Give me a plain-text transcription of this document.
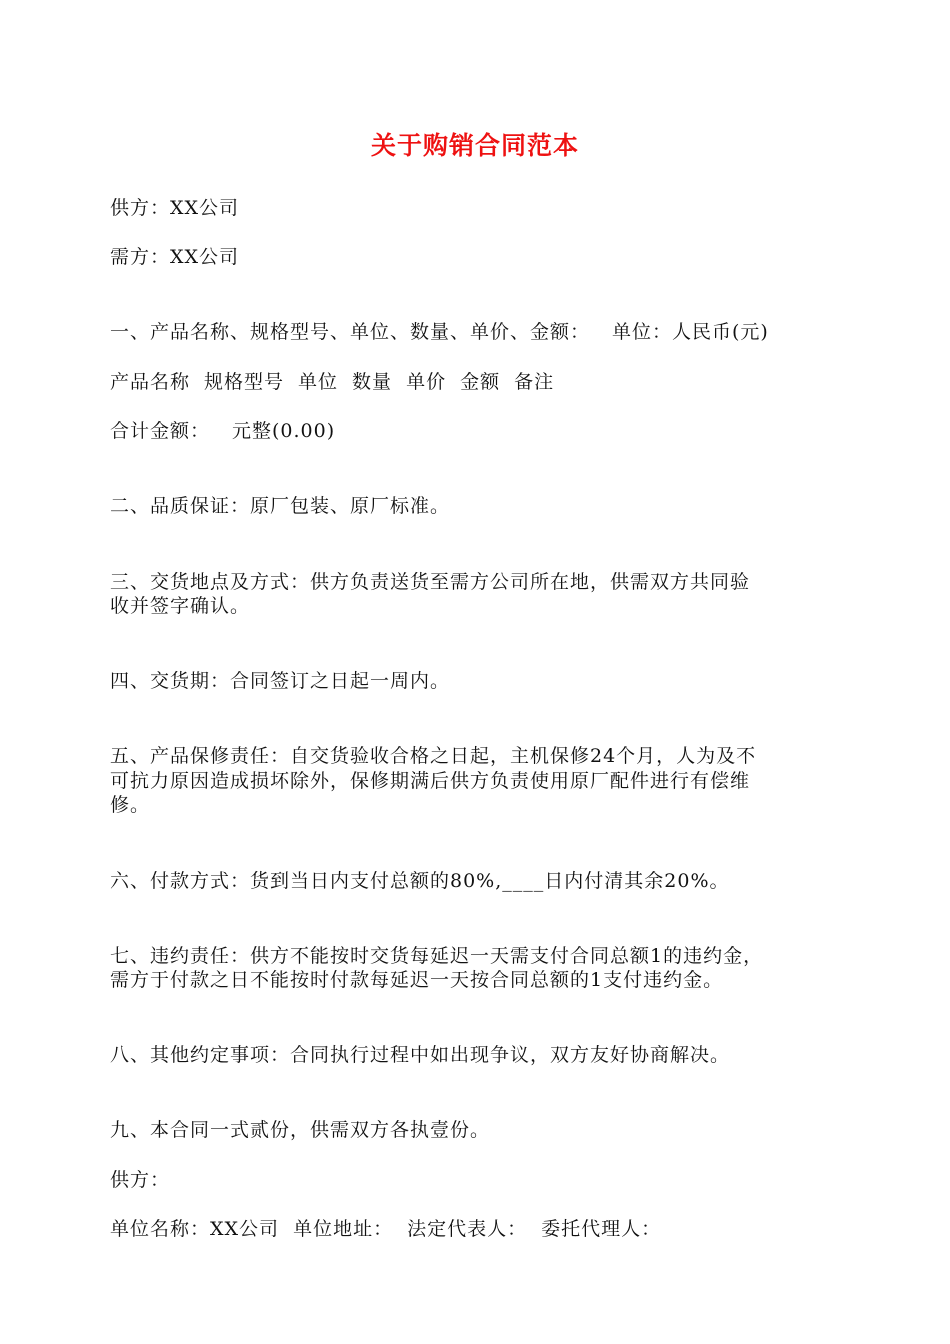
关于购销合同范本
供方：XX公司
需方：XX公司
一、产品名称、规格型号、单位、数量、单价、金额： 单位：人民币(元)
产品名称 规格型号 单位 数量 单价 金额 备注
合计金额： 元整(0.00)
二、品质保证：原厂包装、原厂标准。
三、交货地点及方式：供方负责送货至需方公司所在地，供需双方共同验
收并签字确认。
四、交货期：合同签订之日起一周内。
五、产品保修责任：自交货验收合格之日起，主机保修24个月，人为及不
可抗力原因造成损坏除外，保修期满后供方负责使用原厂配件进行有偿维
修。
六、付款方式：货到当日内支付总额的80%,____日内付清其余20%。
七、违约责任：供方不能按时交货每延迟一天需支付合同总额1的违约金，
需方于付款之日不能按时付款每延迟一天按合同总额的1支付违约金。
八、其他约定事项：合同执行过程中如出现争议，双方友好协商解决。
九、本合同一式贰份，供需双方各执壹份。
供方：
单位名称：XX公司 单位地址： 法定代表人： 委托代理人：
